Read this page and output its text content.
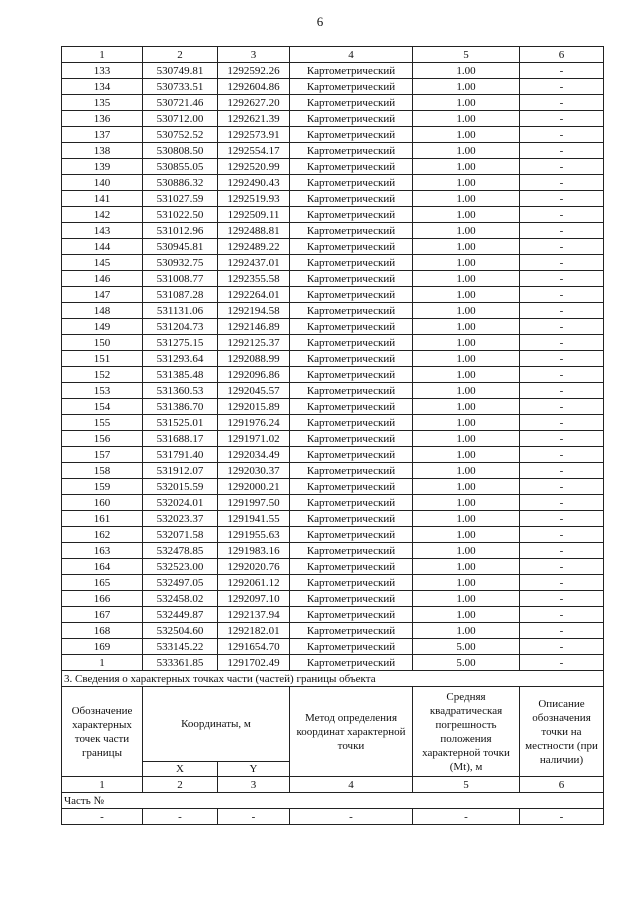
6
1	2	3	4	5	6
133	530749.81	1292592.26	Картометрический	1.00	-
134	530733.51	1292604.86	Картометрический	1.00	-
135	530721.46	1292627.20	Картометрический	1.00	-
136	530712.00	1292621.39	Картометрический	1.00	-
137	530752.52	1292573.91	Картометрический	1.00	-
138	530808.50	1292554.17	Картометрический	1.00	-
139	530855.05	1292520.99	Картометрический	1.00	-
140	530886.32	1292490.43	Картометрический	1.00	-
141	531027.59	1292519.93	Картометрический	1.00	-
142	531022.50	1292509.11	Картометрический	1.00	-
143	531012.96	1292488.81	Картометрический	1.00	-
144	530945.81	1292489.22	Картометрический	1.00	-
145	530932.75	1292437.01	Картометрический	1.00	-
146	531008.77	1292355.58	Картометрический	1.00	-
147	531087.28	1292264.01	Картометрический	1.00	-
148	531131.06	1292194.58	Картометрический	1.00	-
149	531204.73	1292146.89	Картометрический	1.00	-
150	531275.15	1292125.37	Картометрический	1.00	-
151	531293.64	1292088.99	Картометрический	1.00	-
152	531385.48	1292096.86	Картометрический	1.00	-
153	531360.53	1292045.57	Картометрический	1.00	-
154	531386.70	1292015.89	Картометрический	1.00	-
155	531525.01	1291976.24	Картометрический	1.00	-
156	531688.17	1291971.02	Картометрический	1.00	-
157	531791.40	1292034.49	Картометрический	1.00	-
158	531912.07	1292030.37	Картометрический	1.00	-
159	532015.59	1292000.21	Картометрический	1.00	-
160	532024.01	1291997.50	Картометрический	1.00	-
161	532023.37	1291941.55	Картометрический	1.00	-
162	532071.58	1291955.63	Картометрический	1.00	-
163	532478.85	1291983.16	Картометрический	1.00	-
164	532523.00	1292020.76	Картометрический	1.00	-
165	532497.05	1292061.12	Картометрический	1.00	-
166	532458.02	1292097.10	Картометрический	1.00	-
167	532449.87	1292137.94	Картометрический	1.00	-
168	532504.60	1292182.01	Картометрический	1.00	-
169	533145.22	1291654.70	Картометрический	5.00	-
1	533361.85	1291702.49	Картометрический	5.00	-
3. Сведения о характерных точках части (частей) границы объекта					
Обозначение характерных точек части границы	Координаты, м		Метод определения координат характерной точки	Средняя квадратическая погрешность положения характерной точки (Mt), м	Описание обозначения точки на местности (при наличии)
	X	Y			
1	2	3	4	5	6
Часть №					
-	-	-	-	-	-
